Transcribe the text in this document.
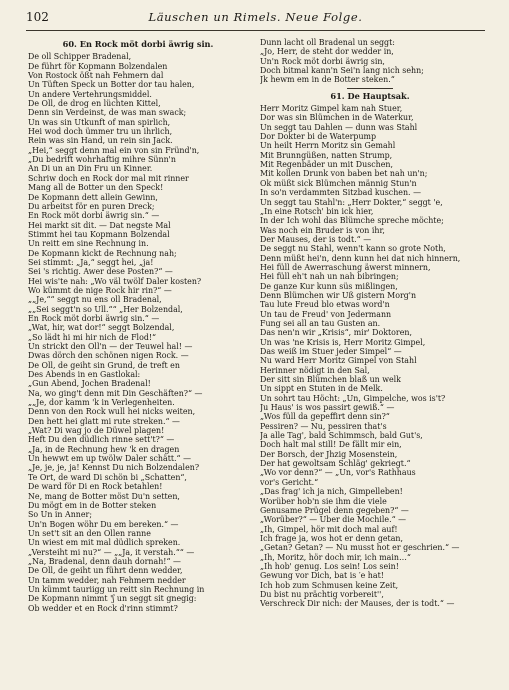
102	Läuschen un Rimels. Neue Folge.
60. En Rock möt dorbi äwrig sin.
De oll Schipper Bradenal,
De führt för Kopmann Bolzendalen
Von Rostock ößt nah Fehmern dal
Un Tüften Speck un Botter dor tau halen,
Un andere Vertehrungsmiddel.
De Oll, de drog en lüchten Kittel,
Denn sin Verdeinst, de was man swack;
Un was sin Utkunft of man spirlich,
Hei wod doch ümmer tru un ihrlich,
Rein was sin Hand, un rein sin Jack.
„Hei,“ seggt denn mal ein von sin Fründ'n,
„Du bedrift wohrhaftig mihre Sünn'n
An Di un an Din Fru un Kinner.
Schriw doch en Rock dor mal mit rinner
Mang all de Botter un den Speck!
De Kopmann dett allein Gewinn,
Du arbeitst för en puren Dreck;
En Rock möt dorbi äwrig sin.“ —
Hei markt sit dit. — Dat negste Mal
Stimmt hei tau Kopmann Bolzendal
Un reitt em sine Rechnung in.
De Kopmann kickt de Rechnung nah;
Sei stimmt: „Ja,“ seggt hei, „ja!
Sei 's richtig. Awer dese Posten?“ —
Hei wis'te nah: „Wo väl twölf Daler kosten?
Wo kümmt de nige Rock hir rin?“ —
„„Je,““ seggt nu ens oll Bradenal,
„„Sei seggt'n so Ull.““ „Her Bolzendal,
En Rock möt dorbi äwrig sin.“ —
„Wat, hir, wat dor!“ seggt Bolzendal,
„So lädt hi mi hir nich de Flod!“
Un strickt den Oll'n — der Teuwel hal! —
Dwas dörch den schönen nigen Rock. —
De Oll, de geiht sin Grund, de treft en
Des Abends in en Gastlokal:
„Gun Abend, Jochen Bradenal!
Na, wo ging't denn mit Din Geschäften?“ —
„„Je, dor kamm 'k in Verlegenheiten.
Denn von den Rock wull hei nicks weiten,
Den hett hei glatt mi rute streken.“ —
„Wat? Di wag jo de Düwel plagen!
Heft Du den düdlich rinne sett't?“ —
„Ja, in de Rechnung hew 'k en dragen
Un hewwt em up twölw Daler schätt.“ —
„Je, je, je, ja! Kennst Du nich Bolzendalen?
Te Ort, de ward Di schön bi „Schatten“,
De ward för Di en Rock betahlen!
Ne, mang de Botter möst Du'n setten,
Du mögt em in de Botter steken
So Un in Anner;
Un'n Bogen wöhr Du em bereken.“ —
Un set't sit an den Ollen ranne
Un wiest em mit mal düdlich spreken.
„Versteiht mi nu?“ — „„Ja, it verstah.““ —
„Na, Bradenal, denn dauh dornah!“ —
De Oll, de geiht un führt denn wedder,
Un tamm wedder, nah Fehmern nedder
Un kümmt tauriigg un reitt sin Rechnung in
De Kopmann nimmt 'ʃ un seggt sit gnegig:
Ob wedder et en Rock d'rinn stimmt?
Dunn lacht oll Bradenal un seggt:
„Jo, Herr, de steht dor wedder in,
Un'n Rock möt dorbi äwrig sin,
Doch bitmal kann'n Sei'n lang nich sehn;
Jk hewm em in de Botter steken.“
61. De Hauptsak.
Herr Moritz Gimpel kam nah Stuer,
Dor was sin Blümchen in de Waterkur,
Un seggt tau Dahlen — dunn was Stahl
Dor Dokter bi de Waterpump
Un heilt Herrn Moritz sin Gemahl
Mit Brunngüßen, natten Strump,
Mit Regenbäder un mit Duschen,
Mit kollen Drunk von baben bet nah un'n;
Ok müßt sick Blümchen männig Stun'n
In so'n verdammten Sitzbad kuschen. —
Un seggt tau Stahl'n: „Herr Dokter,“ seggt 'e,
„In eine Rotsch' bin ick hier,
In der Ich wohl das Blümche spreche möchte;
Was noch ein Bruder is von ihr,
Der Mauses, der is todt.“ —
De seggt nu Stahl, wenn't kann so grote Noth,
Denn müßt hei'n, denn kunn hei dat nich hinnern,
Hei füll de Awerraschung äwerst minnern,
Hei füll eh't nah un nah bibringen;
De ganze Kur kunn süs mißlingen,
Denn Blümchen wir Uß gistern Morg'n
Tau lute Freud blo etwas word'n
Un tau de Freud' von Jedermann
Fung sei all an tau Gusten an.
Das nen'n wir „Krisis“, mir' Doktoren,
Un was 'ne Krisis is, Herr Moritz Gimpel,
Das weiß im Stuer jeder Simpel“ —
Nu ward Herr Moritz Gimpel von Stahl
Herinner nödigt in den Sal,
Der sitt sin Blümchen blaß un welk
Un sippt en Stuten in de Melk.
Un sohrt tau Höcht: „Un, Gimpelche, wos is't?
Ju Haus' is wos passirt gewiß.“ —
„Wos füll da gepeffirt denn sin?“
Pessiren? — Nu, pessiren that's
Ja alle Tag', bald Schimmsch, bald Gut's,
Doch halt mal still! De fällt mir ein,
Der Borsch, der Jhzig Mosenstein,
Der hat gewoltsam Schläg' gekriegt.“
„Wo vor denn?“ — „Un, vor's Rathhaus
vor's Gericht.“
„Das frag' ich ja nich, Gimpelleben!
Worüber hob'n sie ihm die viele
Genusame Prügel denn gegeben?“ —
„Worüber?“ — Über die Mochile.“ —
„Ih, Gimpel, hör mit doch mal auf!
Ich frage ja, wos hot er denn getan,
„Getan? Getan? — Nu musst hot er geschrien.“ —
„Ih, Moritz, hör doch mir, ich main…“
„Ih hob' genug. Los sein! Los sein!
Gewung vor Dich, bat is ′e hat!
Ich hob zum Schmusen keine Zeit,
Du bist nu prächtig vorbereit'',
Verschreck Dir nich: der Mauses, der is todt.“ —
